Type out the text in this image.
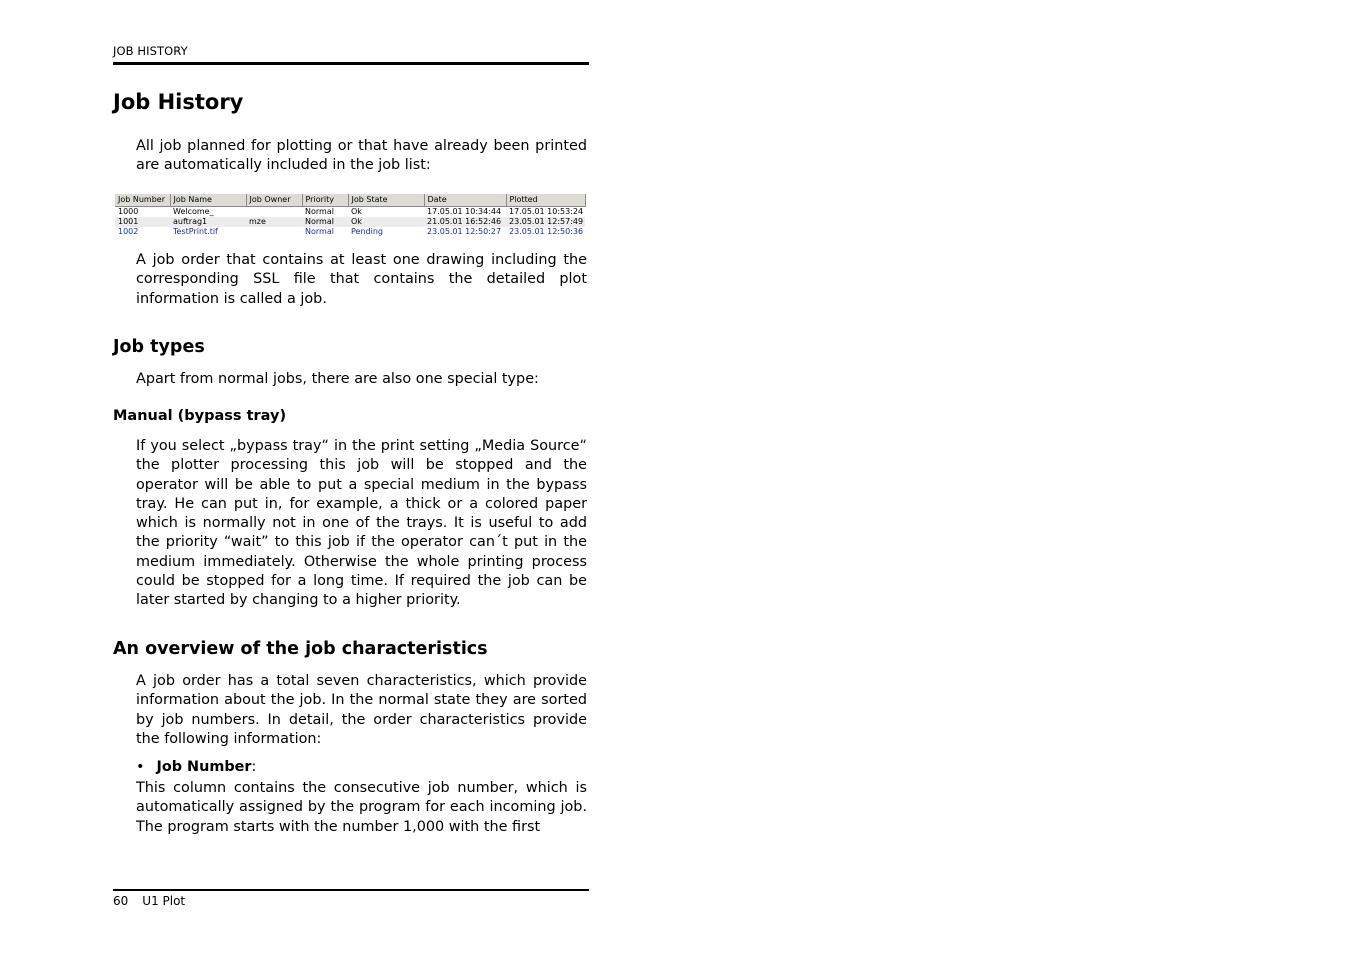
JOB HISTORY
Job History

All job planned for plotting or that have already been printed are automatically included in the job list:

Job Number	Job Name	Job Owner	Priority	Job State	Date	Plotted
1000	Welcome_		Normal	Ok	17.05.01 10:34:44	17.05.01 10:53:24
1001	auftrag1	mze	Normal	Ok	21.05.01 16:52:46	23.05.01 12:57:49
1002	TestPrint.tif		Normal	Pending	23.05.01 12:50:27	23.05.01 12:50:36

A job order that contains at least one drawing including the corresponding SSL file that contains the detailed plot information is called a job.

Job types

Apart from normal jobs, there are also one special type:

Manual (bypass tray)

If you select „bypass tray“ in the print setting „Media Source“ the plotter processing this job will be stopped and the operator will be able to put a special medium in the bypass tray. He can put in, for example, a thick or a colored paper which is normally not in one of the trays. It is useful to add the priority “wait” to this job if the operator can´t put in the medium immediately. Otherwise the whole printing process could be stopped for a long time. If required the job can be later started by changing to a higher priority.

An overview of the job characteristics

A job order has a total seven characteristics, which provide information about the job. In the normal state they are sorted by job numbers. In detail, the order characteristics provide the following information:

• Job Number:

This column contains the consecutive job number, which is automatically assigned by the program for each incoming job. The program starts with the number 1,000 with the first

60 U1 Plot
